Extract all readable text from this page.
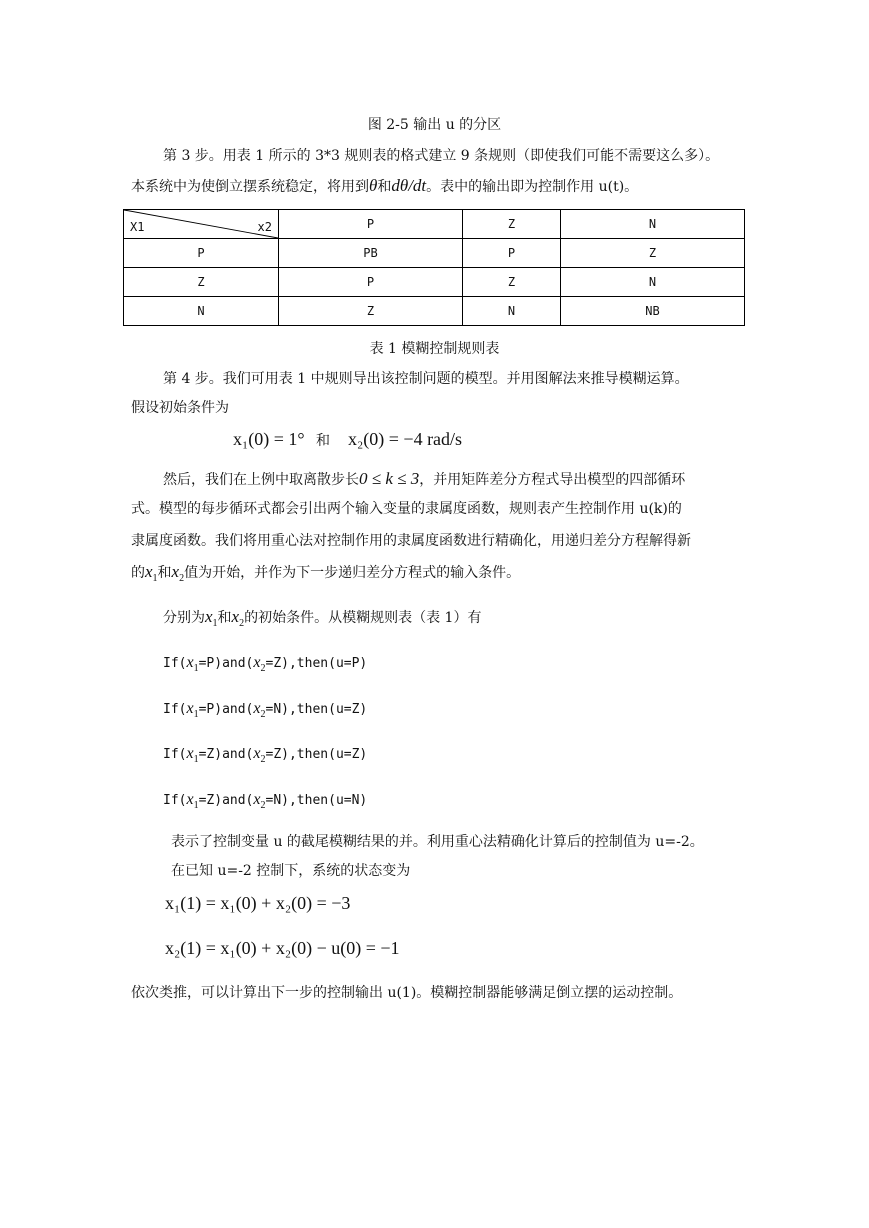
图 2-5 输出 u 的分区
第 3 步。用表 1 所示的 3*3 规则表的格式建立 9 条规则（即使我们可能不需要这么多）。
本系统中为使倒立摆系统稳定，将用到θ和dθ/dt。表中的输出即为控制作用 u(t)。
X1 x2	P	Z	N
P	PB	P	Z
Z	P	Z	N
N	Z	N	NB
表 1 模糊控制规则表
第 4 步。我们可用表 1 中规则导出该控制问题的模型。并用图解法来推导模糊运算。
假设初始条件为
x₁(0) = 1° 和 x₂(0) = −4 rad/s
然后，我们在上例中取离散步长0 ≤ k ≤ 3，并用矩阵差分方程式导出模型的四部循环
式。模型的每步循环式都会引出两个输入变量的隶属度函数，规则表产生控制作用 u(k)的
隶属度函数。我们将用重心法对控制作用的隶属度函数进行精确化，用递归差分方程解得新
的$x_1$和$x_2$值为开始，并作为下一步递归差分方程式的输入条件。
分别为$x_1$和$x_2$的初始条件。从模糊规则表（表 1）有
$If(x_1=P)and(x_2=Z),then(u=P)$
$If(x_1=P)and(x_2=N),then(u=Z)$
$If(x_1=Z)and(x_2=Z),then(u=Z)$
$If(x_1=Z)and(x_2=N),then(u=N)$
表示了控制变量 u 的截尾模糊结果的并。利用重心法精确化计算后的控制值为 u=-2。
在已知 u=-2 控制下，系统的状态变为
x₁(1) = x₁(0) + x₂(0) = −3
x₂(1) = x₁(0) + x₂(0) − u(0) = −1
依次类推，可以计算出下一步的控制输出 u(1)。模糊控制器能够满足倒立摆的运动控制。
